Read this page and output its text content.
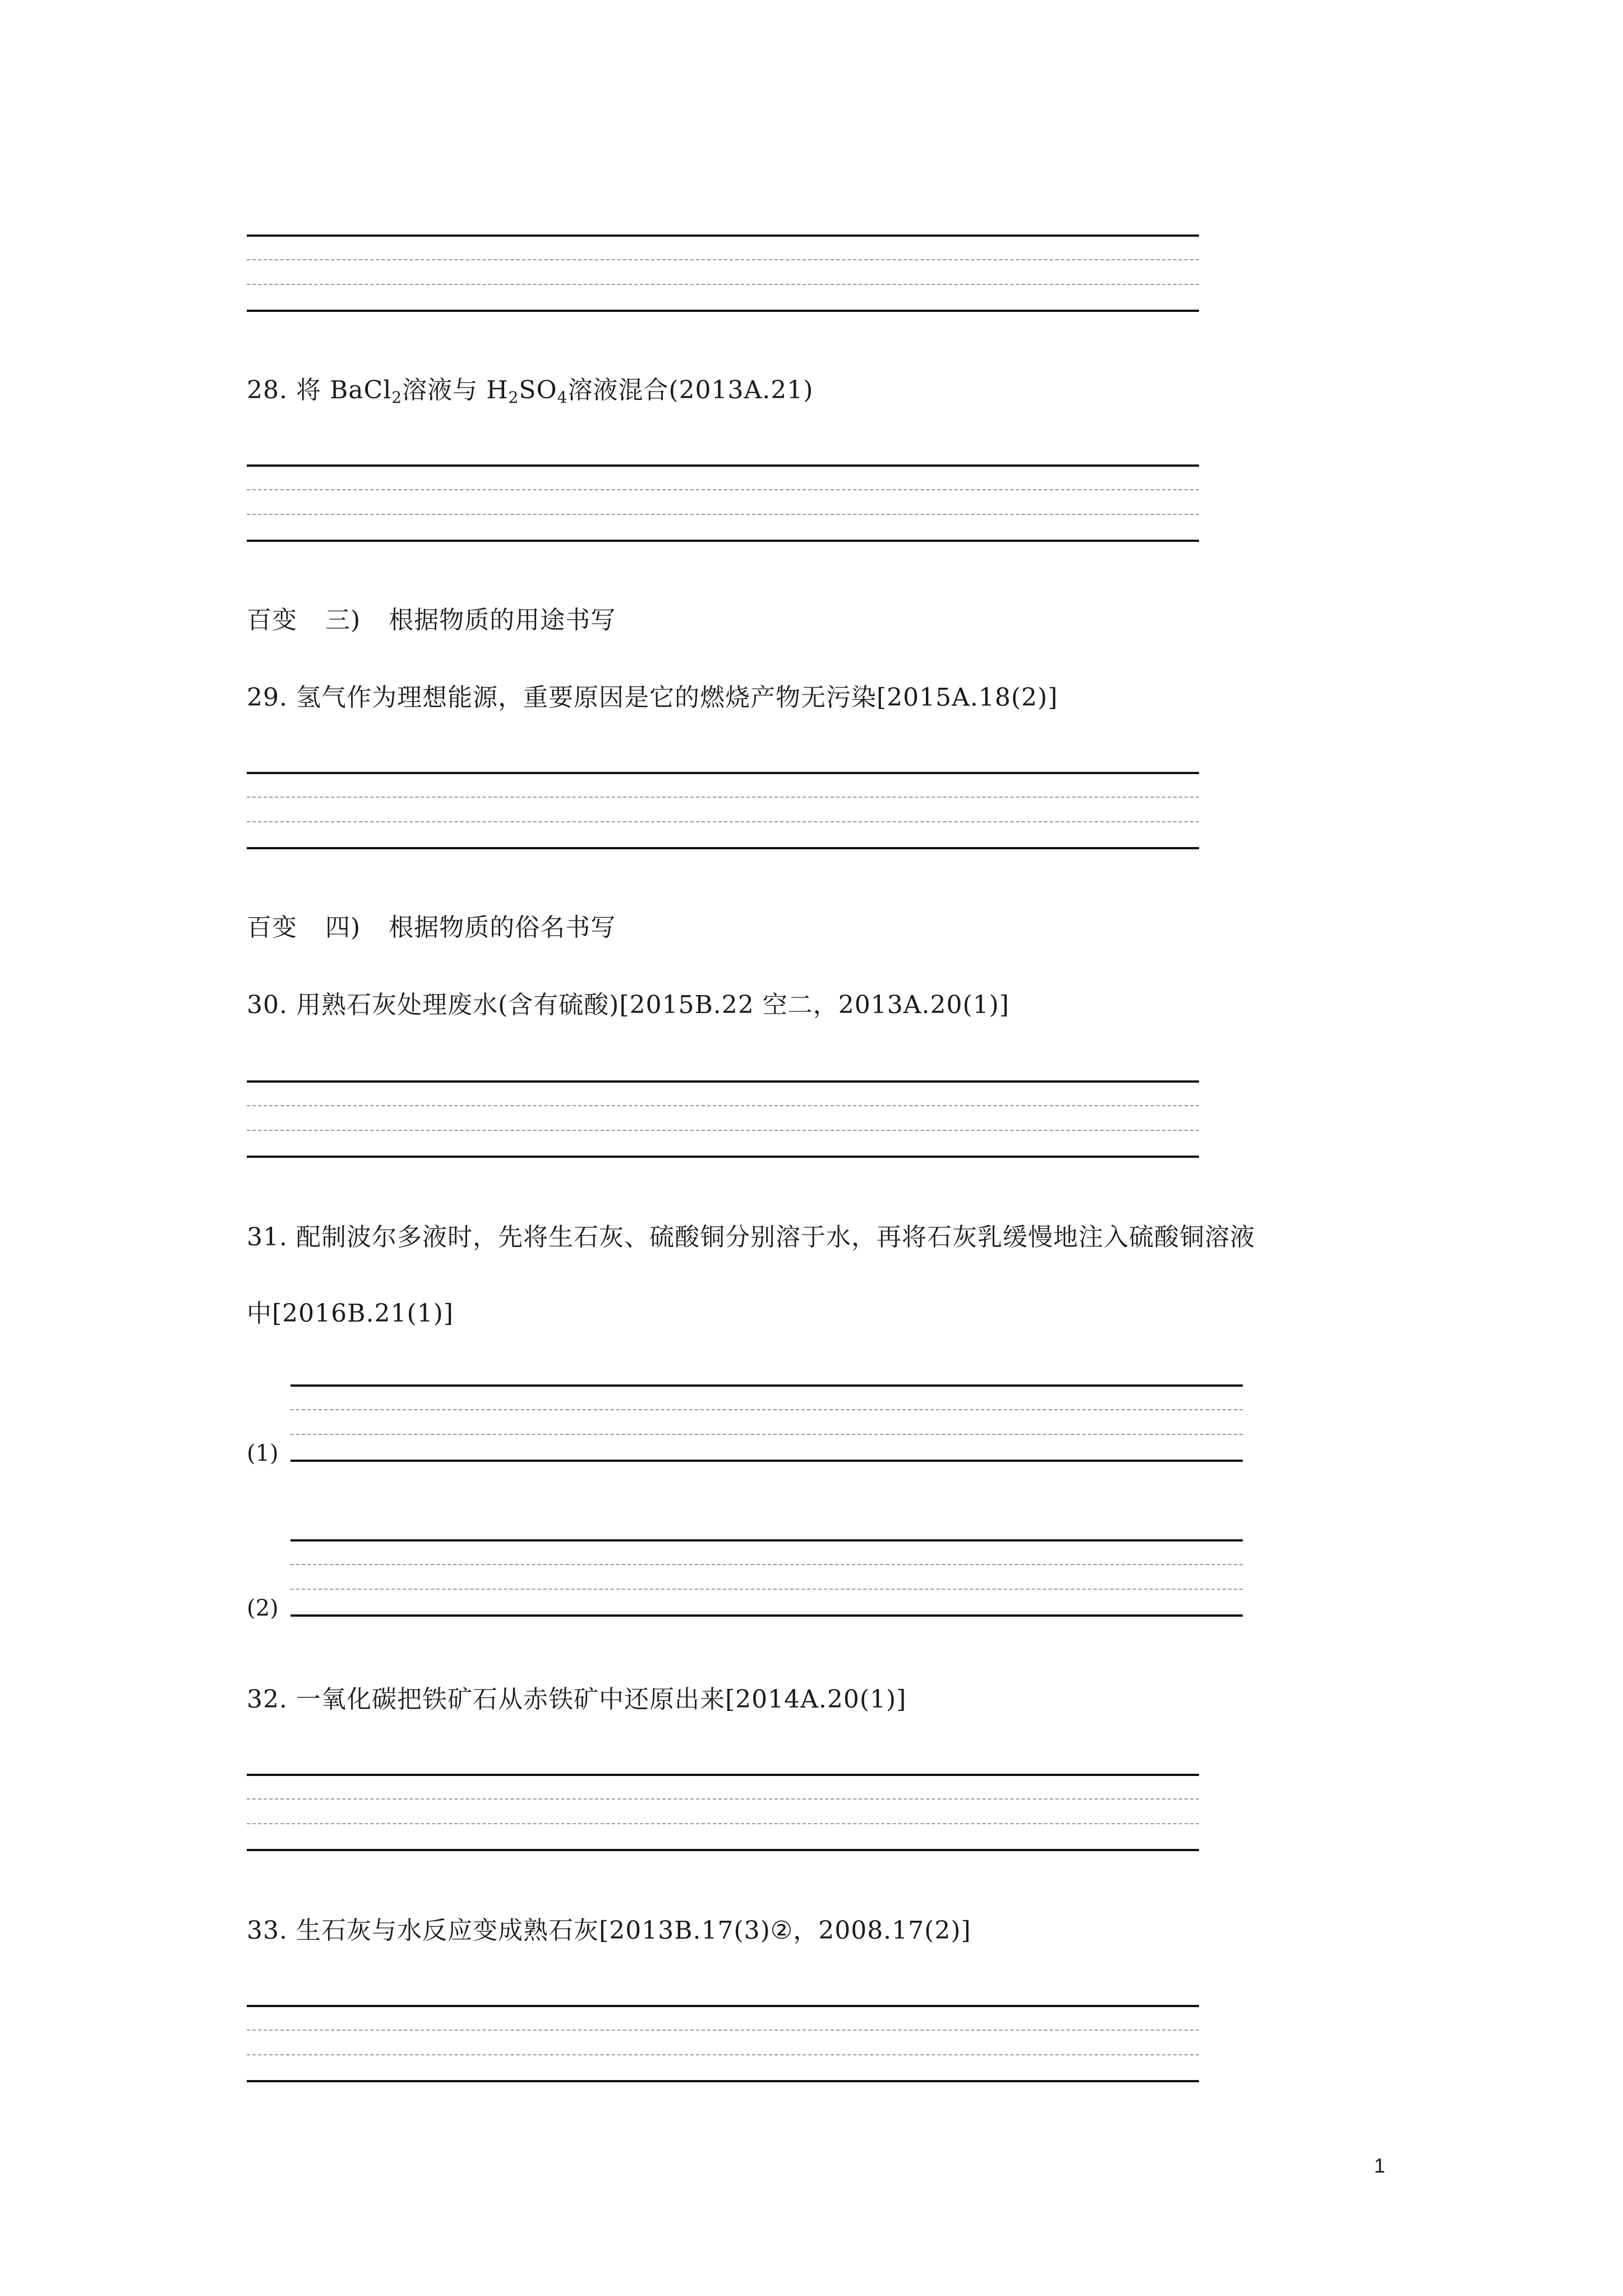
28. 将 BaCl$_2$溶液与 $H_2SO_4$溶液混合(2013A.21)
百变 三) 根据物质的用途书写
29. 氢气作为理想能源，重要原因是它的燃烧产物无污染[2015A.18(2)]
百变 四) 根据物质的俗名书写
30. 用熟石灰处理废水(含有硫酸)[2015B.22 空二，2013A.20(1)]
31. 配制波尔多液时，先将生石灰、硫酸铜分别溶于水，再将石灰乳缓慢地注入硫酸铜溶液
中[2016B.21(1)]
(1)
(2)
32. 一氧化碳把铁矿石从赤铁矿中还原出来[2014A.20(1)]
33. 生石灰与水反应变成熟石灰[2013B.17(3)②，2008.17(2)]
1
